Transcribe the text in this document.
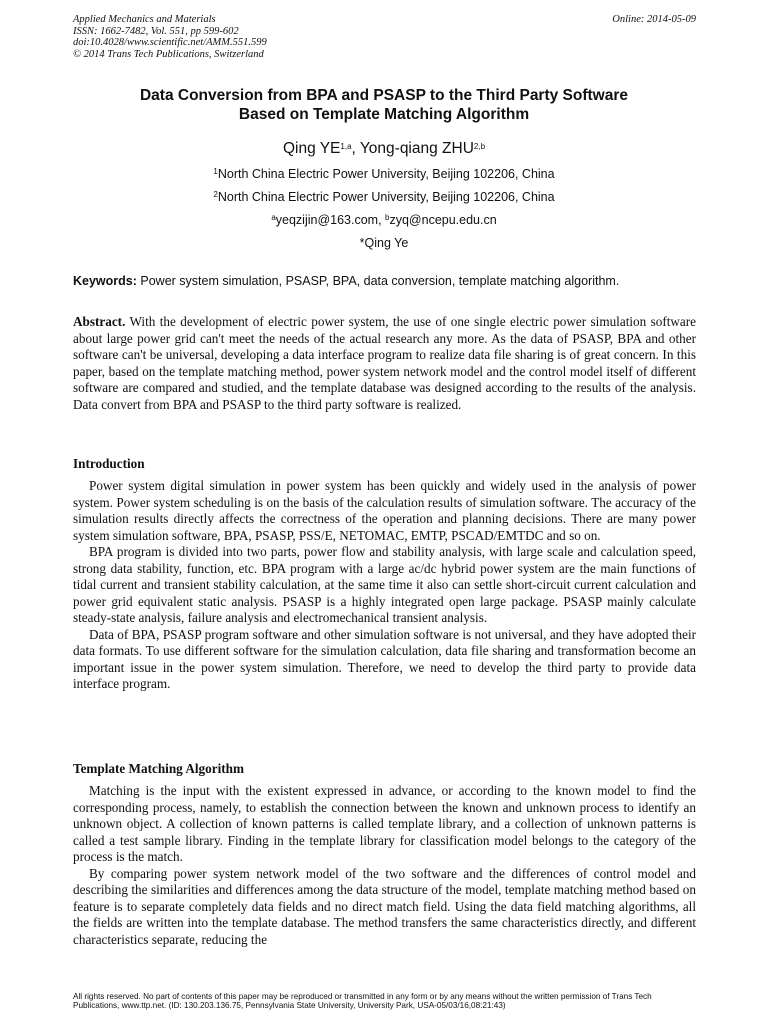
Applied Mechanics and Materials
ISSN: 1662-7482, Vol. 551, pp 599-602
doi:10.4028/www.scientific.net/AMM.551.599
© 2014 Trans Tech Publications, Switzerland
Online: 2014-05-09
Data Conversion from BPA and PSASP to the Third Party Software
Based on Template Matching Algorithm
Qing YE$^{1,a}$, Yong-qiang ZHU$^{2,b}$
$^1$North China Electric Power University, Beijing 102206, China
$^2$North China Electric Power University, Beijing 102206, China
$^a$yeqzijin@163.com, $^b$zyq@ncepu.edu.cn
*Qing Ye
Keywords: Power system simulation, PSASP, BPA, data conversion, template matching algorithm.

Abstract. With the development of electric power system, the use of one single electric power simulation software about large power grid can't meet the needs of the actual research any more. As the data of PSASP, BPA and other software can't be universal, developing a data interface program to realize data file sharing is of great concern. In this paper, based on the template matching method, power system network model and the control model itself of different software are compared and studied, and the template database was designed according to the results of the analysis. Data convert from BPA and PSASP to the third party software is realized.

Introduction

Power system digital simulation in power system has been quickly and widely used in the analysis of power system. Power system scheduling is on the basis of the calculation results of simulation software. The accuracy of the simulation results directly affects the correctness of the operation and planning decisions. There are many power system simulation software, BPA, PSASP, PSS/E, NETOMAC, EMTP, PSCAD/EMTDC and so on.

BPA program is divided into two parts, power flow and stability analysis, with large scale and calculation speed, strong data stability, function, etc. BPA program with a large ac/dc hybrid power system are the main functions of tidal current and transient stability calculation, at the same time it also can settle short-circuit current calculation and power grid equivalent static analysis. PSASP is a highly integrated open large package. PSASP mainly calculate steady-state analysis, failure analysis and electromechanical transient analysis.

Data of BPA, PSASP program software and other simulation software is not universal, and they have adopted their data formats. To use different software for the simulation calculation, data file sharing and transformation become an important issue in the power system simulation. Therefore, we need to develop the third party to provide data interface program.

Template Matching Algorithm

Matching is the input with the existent expressed in advance, or according to the known model to find the corresponding process, namely, to establish the connection between the known and unknown process to identify an unknown object. A collection of known patterns is called template library, and a collection of unknown patterns is called a test sample library. Finding in the template library for classification model belongs to the category of the process is the match.

By comparing power system network model of the two software and the differences of control model and describing the similarities and differences among the data structure of the model, template matching method based on feature is to separate completely data fields and no direct match field. Using the data field matching algorithms, all the fields are written into the template database. The method transfers the same characteristics directly, and different characteristics separate, reducing the

All rights reserved. No part of contents of this paper may be reproduced or transmitted in any form or by any means without the written permission of Trans Tech Publications, www.ttp.net. (ID: 130.203.136.75, Pennsylvania State University, University Park, USA-05/03/16,08:21:43)
